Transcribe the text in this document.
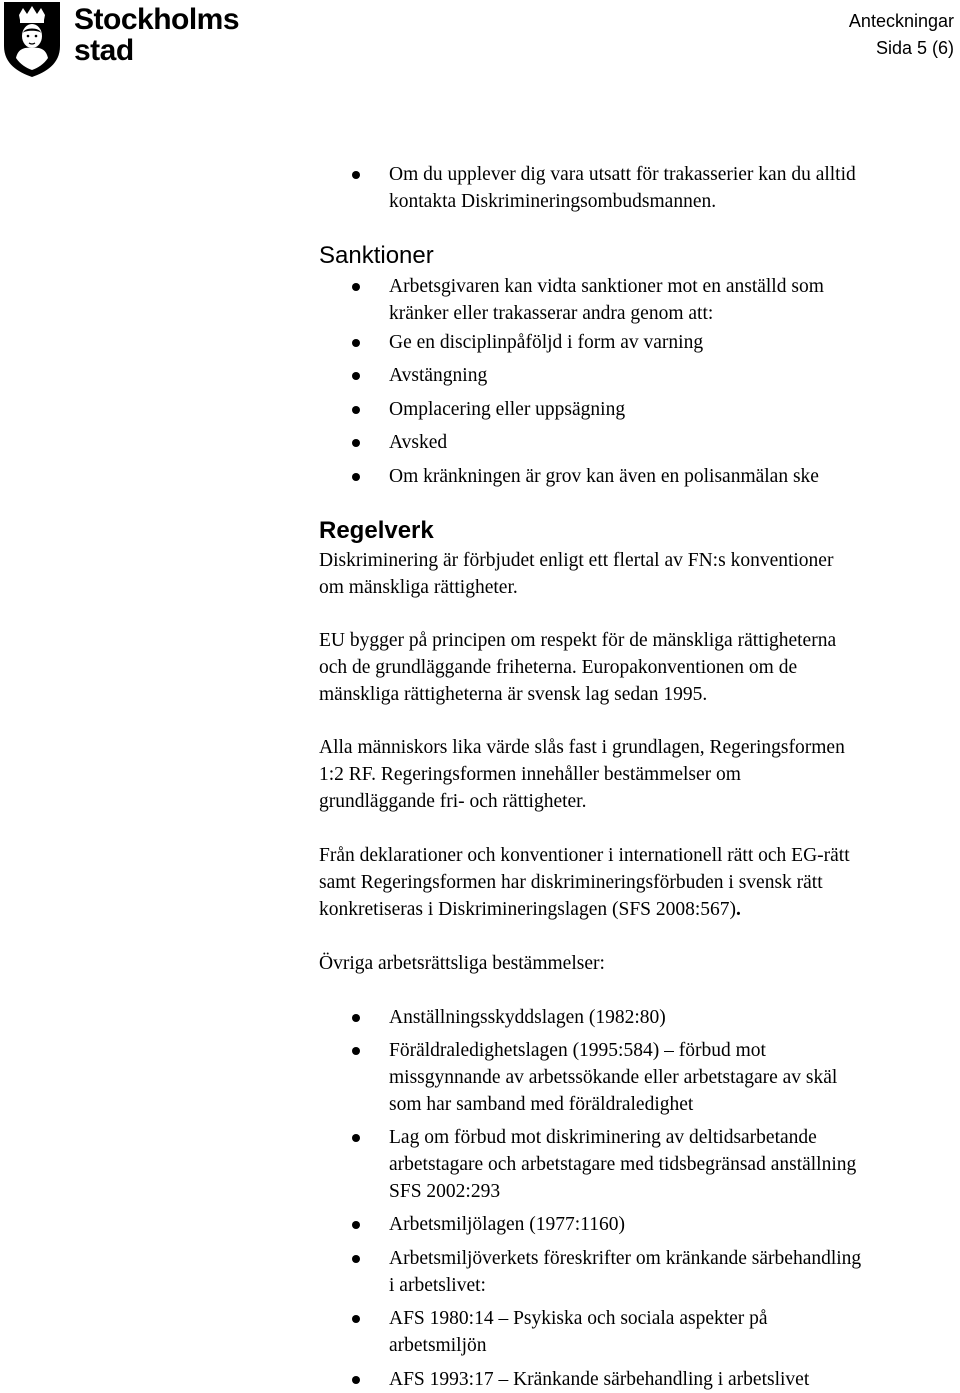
Stockholms
stad
Anteckningar
Sida 5 (6)
Om du upplever dig vara utsatt för trakasserier kan du alltid
kontakta Diskrimineringsombudsmannen.
Sanktioner
Arbetsgivaren kan vidta sanktioner mot en anställd som
kränker eller trakasserar andra genom att:
Ge en disciplinpåföljd i form av varning
Avstängning
Omplacering eller uppsägning
Avsked
Om kränkningen är grov kan även en polisanmälan ske
Regelverk
Diskriminering är förbjudet enligt ett flertal av FN:s konventioner
om mänskliga rättigheter.
EU bygger på principen om respekt för de mänskliga rättigheterna
och de grundläggande friheterna. Europakonventionen om de
mänskliga rättigheterna är svensk lag sedan 1995.
Alla människors lika värde slås fast i grundlagen, Regeringsformen
1:2 RF. Regeringsformen innehåller bestämmelser om
grundläggande fri- och rättigheter.
Från deklarationer och konventioner i internationell rätt och EG-rätt
samt Regeringsformen har diskrimineringsförbuden i svensk rätt
konkretiseras i Diskrimineringslagen (SFS 2008:567).
Övriga arbetsrättsliga bestämmelser:
Anställningsskyddslagen (1982:80)
Föräldraledighetslagen (1995:584) – förbud mot
missgynnande av arbetssökande eller arbetstagare av skäl
som har samband med föräldraledighet
Lag om förbud mot diskriminering av deltidsarbetande
arbetstagare och arbetstagare med tidsbegränsad anställning
SFS 2002:293
Arbetsmiljölagen (1977:1160)
Arbetsmiljöverkets föreskrifter om kränkande särbehandling
i arbetslivet:
AFS 1980:14 – Psykiska och sociala aspekter på
arbetsmiljön
AFS 1993:17 – Kränkande särbehandling i arbetslivet
